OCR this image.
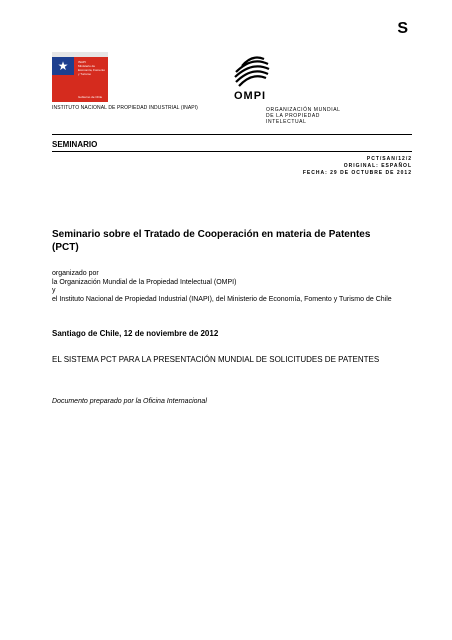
S
★	INAPI
Ministerio de
Economía, Fomento
y Turismo
Gobierno de Chile
INSTITUTO NACIONAL DE PROPIEDAD INDUSTRIAL (INAPI)
OMPI
ORGANIZACIÓN MUNDIAL
DE LA PROPIEDAD
INTELECTUAL
SEMINARIO
PCT/SAN/12/2
ORIGINAL: ESPAÑOL
FECHA: 29 DE OCTUBRE DE 2012
Seminario sobre el Tratado de Cooperación en materia de Patentes (PCT)
organizado por
la Organización Mundial de la Propiedad Intelectual (OMPI)
y
el Instituto Nacional de Propiedad Industrial (INAPI), del Ministerio de Economía, Fomento y Turismo de Chile
Santiago de Chile, 12 de noviembre de 2012
EL SISTEMA PCT PARA LA PRESENTACIÓN MUNDIAL DE SOLICITUDES DE PATENTES
Documento preparado por la Oficina Internacional
